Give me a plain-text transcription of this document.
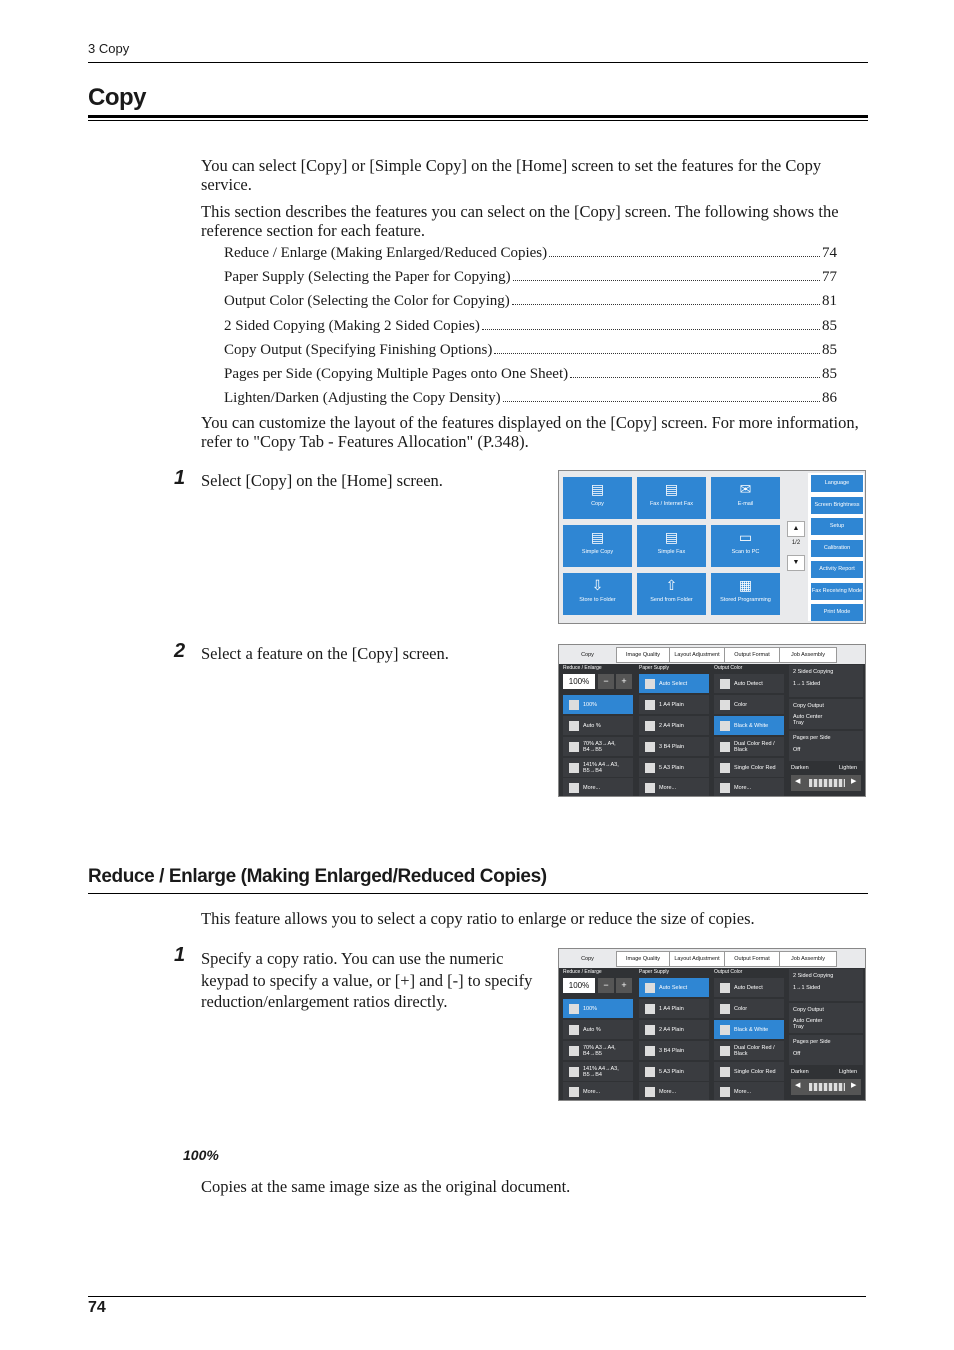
3 Copy
Copy
You can select [Copy] or [Simple Copy] on the [Home] screen to set the features for the Copy service.
This section describes the features you can select on the [Copy] screen. The following shows the reference section for each feature.
Reduce / Enlarge (Making Enlarged/Reduced Copies)	74
Paper Supply (Selecting the Paper for Copying)	77
Output Color (Selecting the Color for Copying)	81
2 Sided Copying (Making 2 Sided Copies)	85
Copy Output (Specifying Finishing Options)	85
Pages per Side (Copying Multiple Pages onto One Sheet)	85
Lighten/Darken (Adjusting the Copy Density)	86
You can customize the layout of the features displayed on the [Copy] screen. For more information, refer to "Copy Tab - Features Allocation" (P.348).
1 Select [Copy] on the [Home] screen.
2 Select a feature on the [Copy] screen.
▤
Copy
▤
Fax / Internet Fax
✉
E-mail
▤
Simple Copy
▤
Simple Fax
▭
Scan to PC
⇩
Store to Folder
⇧
Send from Folder
▦
Stored Programming
▲
1/2
▼
Language
Screen Brightness
Setup
Calibration
Activity Report
Fax Receiving Mode
Print Mode
Copy	Image Quality	Layout Adjustment	Output Format	Job Assembly
Reduce / Enlarge	Paper Supply	Output Color
100%	−	+
100%
Auto %
70% A3→A4, B4→B5
141% A4→A3, B5→B4
More...
Auto Select
1 A4 Plain
2 A4 Plain
3 B4 Plain
5 A3 Plain
More...
Auto Detect
Color
Black & White
Dual Color Red / Black
Single Color Red
More...
2 Sided Copying
1→1 Sided
Copy Output
Auto Center Tray
Pages per Side
Off
Darken	Lighten
◀	▶
Reduce / Enlarge (Making Enlarged/Reduced Copies)
This feature allows you to select a copy ratio to enlarge or reduce the size of copies.
1 Specify a copy ratio. You can use the numeric keypad to specify a value, or [+] and [-] to specify reduction/enlargement ratios directly.
Copy	Image Quality	Layout Adjustment	Output Format	Job Assembly
Reduce / Enlarge	Paper Supply	Output Color
100%	−	+
100%
Auto %
70% A3→A4, B4→B5
141% A4→A3, B5→B4
More...
Auto Select
1 A4 Plain
2 A4 Plain
3 B4 Plain
5 A3 Plain
More...
Auto Detect
Color
Black & White
Dual Color Red / Black
Single Color Red
More...
2 Sided Copying
1→1 Sided
Copy Output
Auto Center Tray
Pages per Side
Off
Darken	Lighten
◀	▶
100%
Copies at the same image size as the original document.
74
